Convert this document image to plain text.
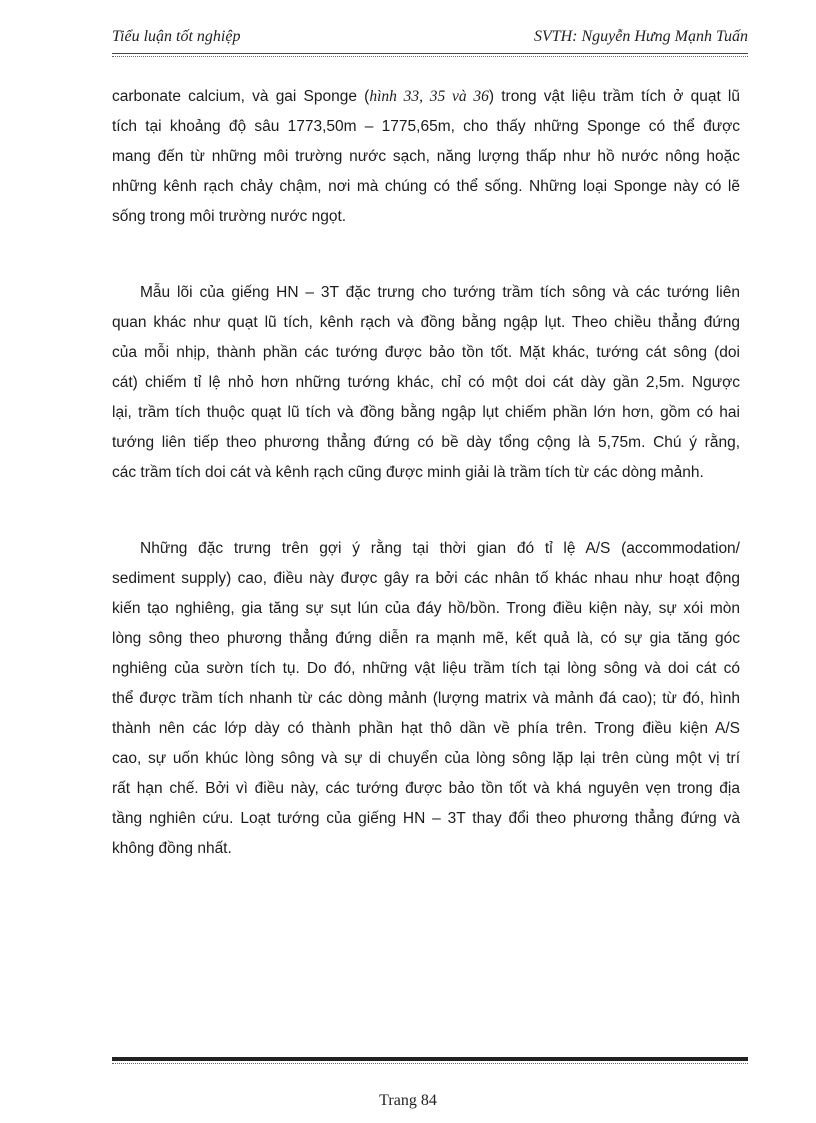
Tiểu luận tốt nghiệp	SVTH: Nguyễn Hưng Mạnh Tuấn
carbonate calcium, và gai Sponge (hình 33, 35 và 36) trong vật liệu trầm tích ở quạt lũ
tích tại khoảng độ sâu 1773,50m – 1775,65m, cho thấy những Sponge có thể được
mang đến từ những môi trường nước sạch, năng lượng thấp như hồ nước nông hoặc
những kênh rạch chảy chậm, nơi mà chúng có thể sống. Những loại Sponge này có lẽ
sống trong môi trường nước ngọt.
Mẫu lõi của giếng HN – 3T đặc trưng cho tướng trầm tích sông và các tướng liên
quan khác như quạt lũ tích, kênh rạch và đồng bằng ngập lụt. Theo chiều thẳng đứng
của mỗi nhịp, thành phần các tướng được bảo tồn tốt. Mặt khác, tướng cát sông (doi
cát) chiếm tỉ lệ nhỏ hơn những tướng khác, chỉ có một doi cát dày gần 2,5m. Ngược
lại, trầm tích thuộc quạt lũ tích và đồng bằng ngập lụt chiếm phần lớn hơn, gồm có hai
tướng liên tiếp theo phương thẳng đứng có bề dày tổng cộng là 5,75m. Chú ý rằng,
các trầm tích doi cát và kênh rạch cũng được minh giải là trầm tích từ các dòng mảnh.
Những đặc trưng trên gợi ý rằng tại thời gian đó tỉ lệ A/S (accommodation/
sediment supply) cao, điều này được gây ra bởi các nhân tố khác nhau như hoạt động
kiến tạo nghiêng, gia tăng sự sụt lún của đáy hồ/bồn. Trong điều kiện này, sự xói mòn
lòng sông theo phương thẳng đứng diễn ra mạnh mẽ, kết quả là, có sự gia tăng góc
nghiêng của sườn tích tụ. Do đó, những vật liệu trầm tích tại lòng sông và doi cát có
thể được trầm tích nhanh từ các dòng mảnh (lượng matrix và mảnh đá cao); từ đó, hình
thành nên các lớp dày có thành phần hạt thô dần về phía trên. Trong điều kiện A/S
cao, sự uốn khúc lòng sông và sự di chuyển của lòng sông lặp lại trên cùng một vị trí
rất hạn chế. Bởi vì điều này, các tướng được bảo tồn tốt và khá nguyên vẹn trong địa
tầng nghiên cứu. Loạt tướng của giếng HN – 3T thay đổi theo phương thẳng đứng và
không đồng nhất.
Trang 84
